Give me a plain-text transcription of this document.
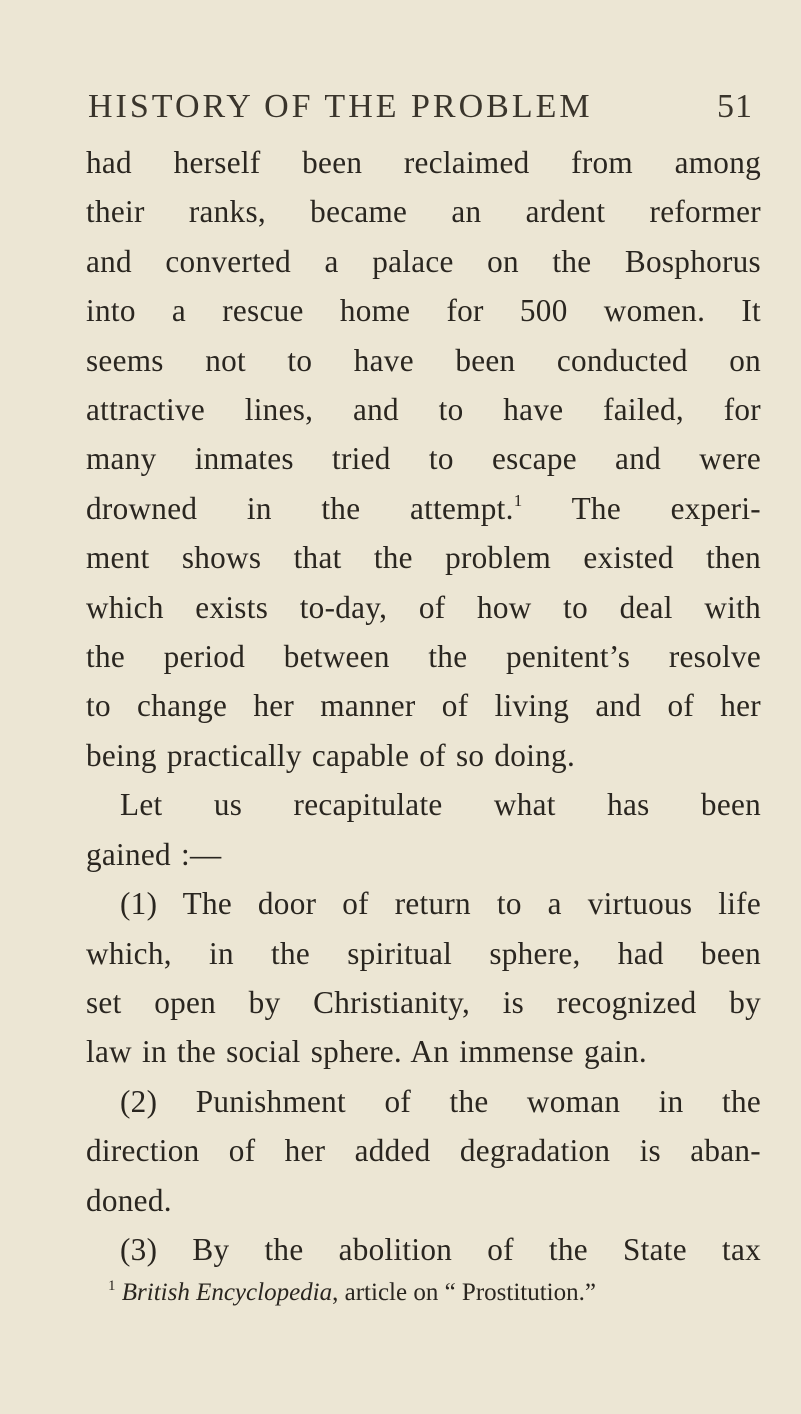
HISTORY OF THE PROBLEM	51

had herself been reclaimed from among
their ranks, became an ardent reformer
and converted a palace on the Bosphorus
into a rescue home for 500 women. It
seems not to have been conducted on
attractive lines, and to have failed, for
many inmates tried to escape and were
drowned in the attempt.$^1$ The experi-
ment shows that the problem existed then
which exists to-day, of how to deal with
the period between the penitent’s resolve
to change her manner of living and of her
being practically capable of so doing.

Let us recapitulate what has been
gained :—

(1) The door of return to a virtuous life
which, in the spiritual sphere, had been
set open by Christianity, is recognized by
law in the social sphere. An immense gain.

(2) Punishment of the woman in the
direction of her added degradation is aban-
doned.

(3) By the abolition of the State tax

$^1$ British Encyclopedia, article on “ Prostitution.”
